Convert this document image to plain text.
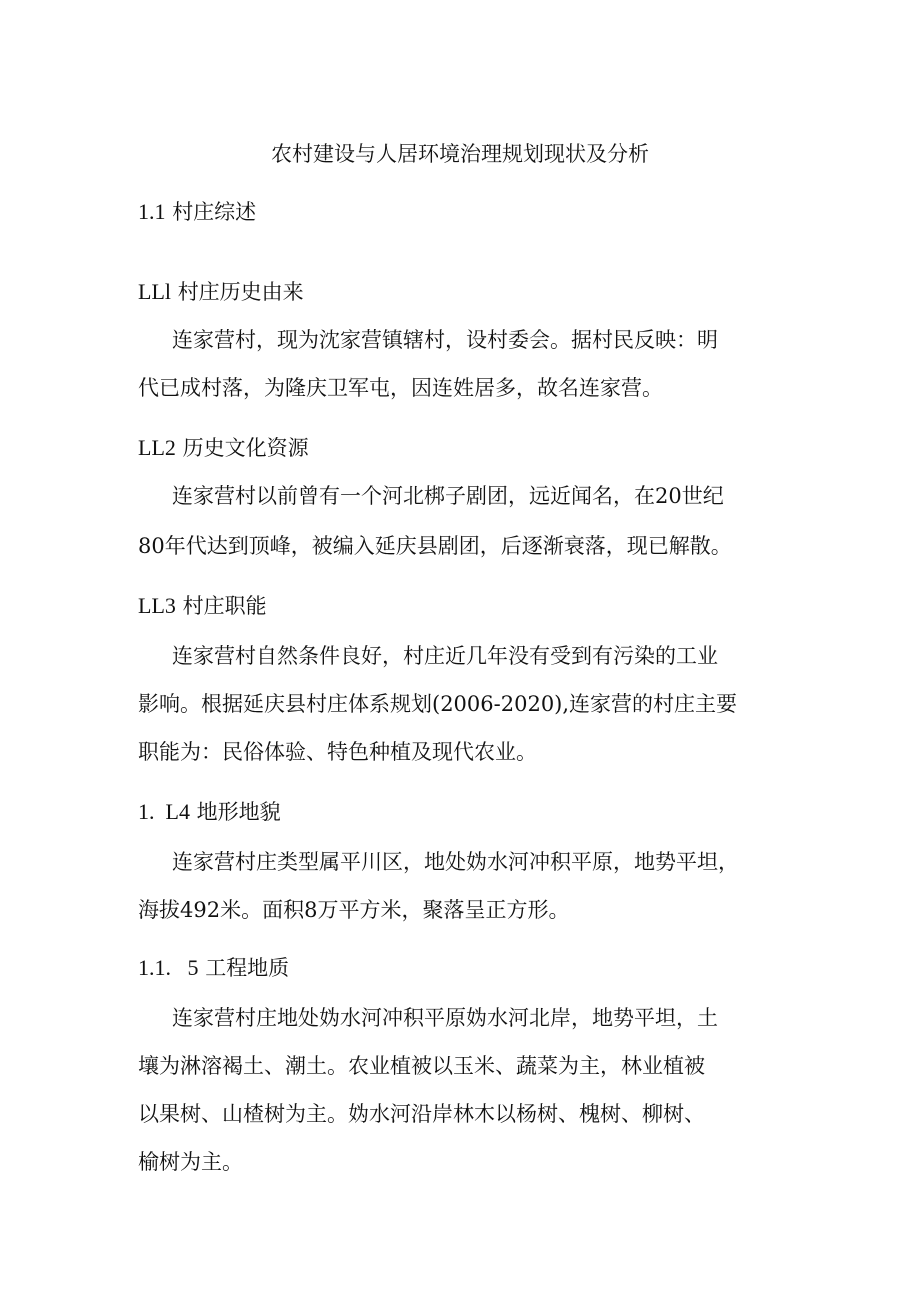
农村建设与人居环境治理规划现状及分析
1.1 村庄综述
LLl 村庄历史由来
连家营村，现为沈家营镇辖村，设村委会。据村民反映：明
代已成村落，为隆庆卫军屯，因连姓居多，故名连家营。
LL2 历史文化资源
连家营村以前曾有一个河北梆子剧团，远近闻名，在20世纪
80年代达到顶峰，被编入延庆县剧团，后逐渐衰落，现已解散。
LL3 村庄职能
连家营村自然条件良好，村庄近几年没有受到有污染的工业
影响。根据延庆县村庄体系规划(2006-2020),连家营的村庄主要
职能为：民俗体验、特色种植及现代农业。
1.  L4 地形地貌
连家营村庄类型属平川区，地处妫水河冲积平原，地势平坦，
海拔492米。面积8万平方米，聚落呈正方形。
1.1.   5 工程地质
连家营村庄地处妫水河冲积平原妫水河北岸，地势平坦，土
壤为淋溶褐土、潮土。农业植被以玉米、蔬菜为主，林业植被
以果树、山楂树为主。妫水河沿岸林木以杨树、槐树、柳树、
榆树为主。
